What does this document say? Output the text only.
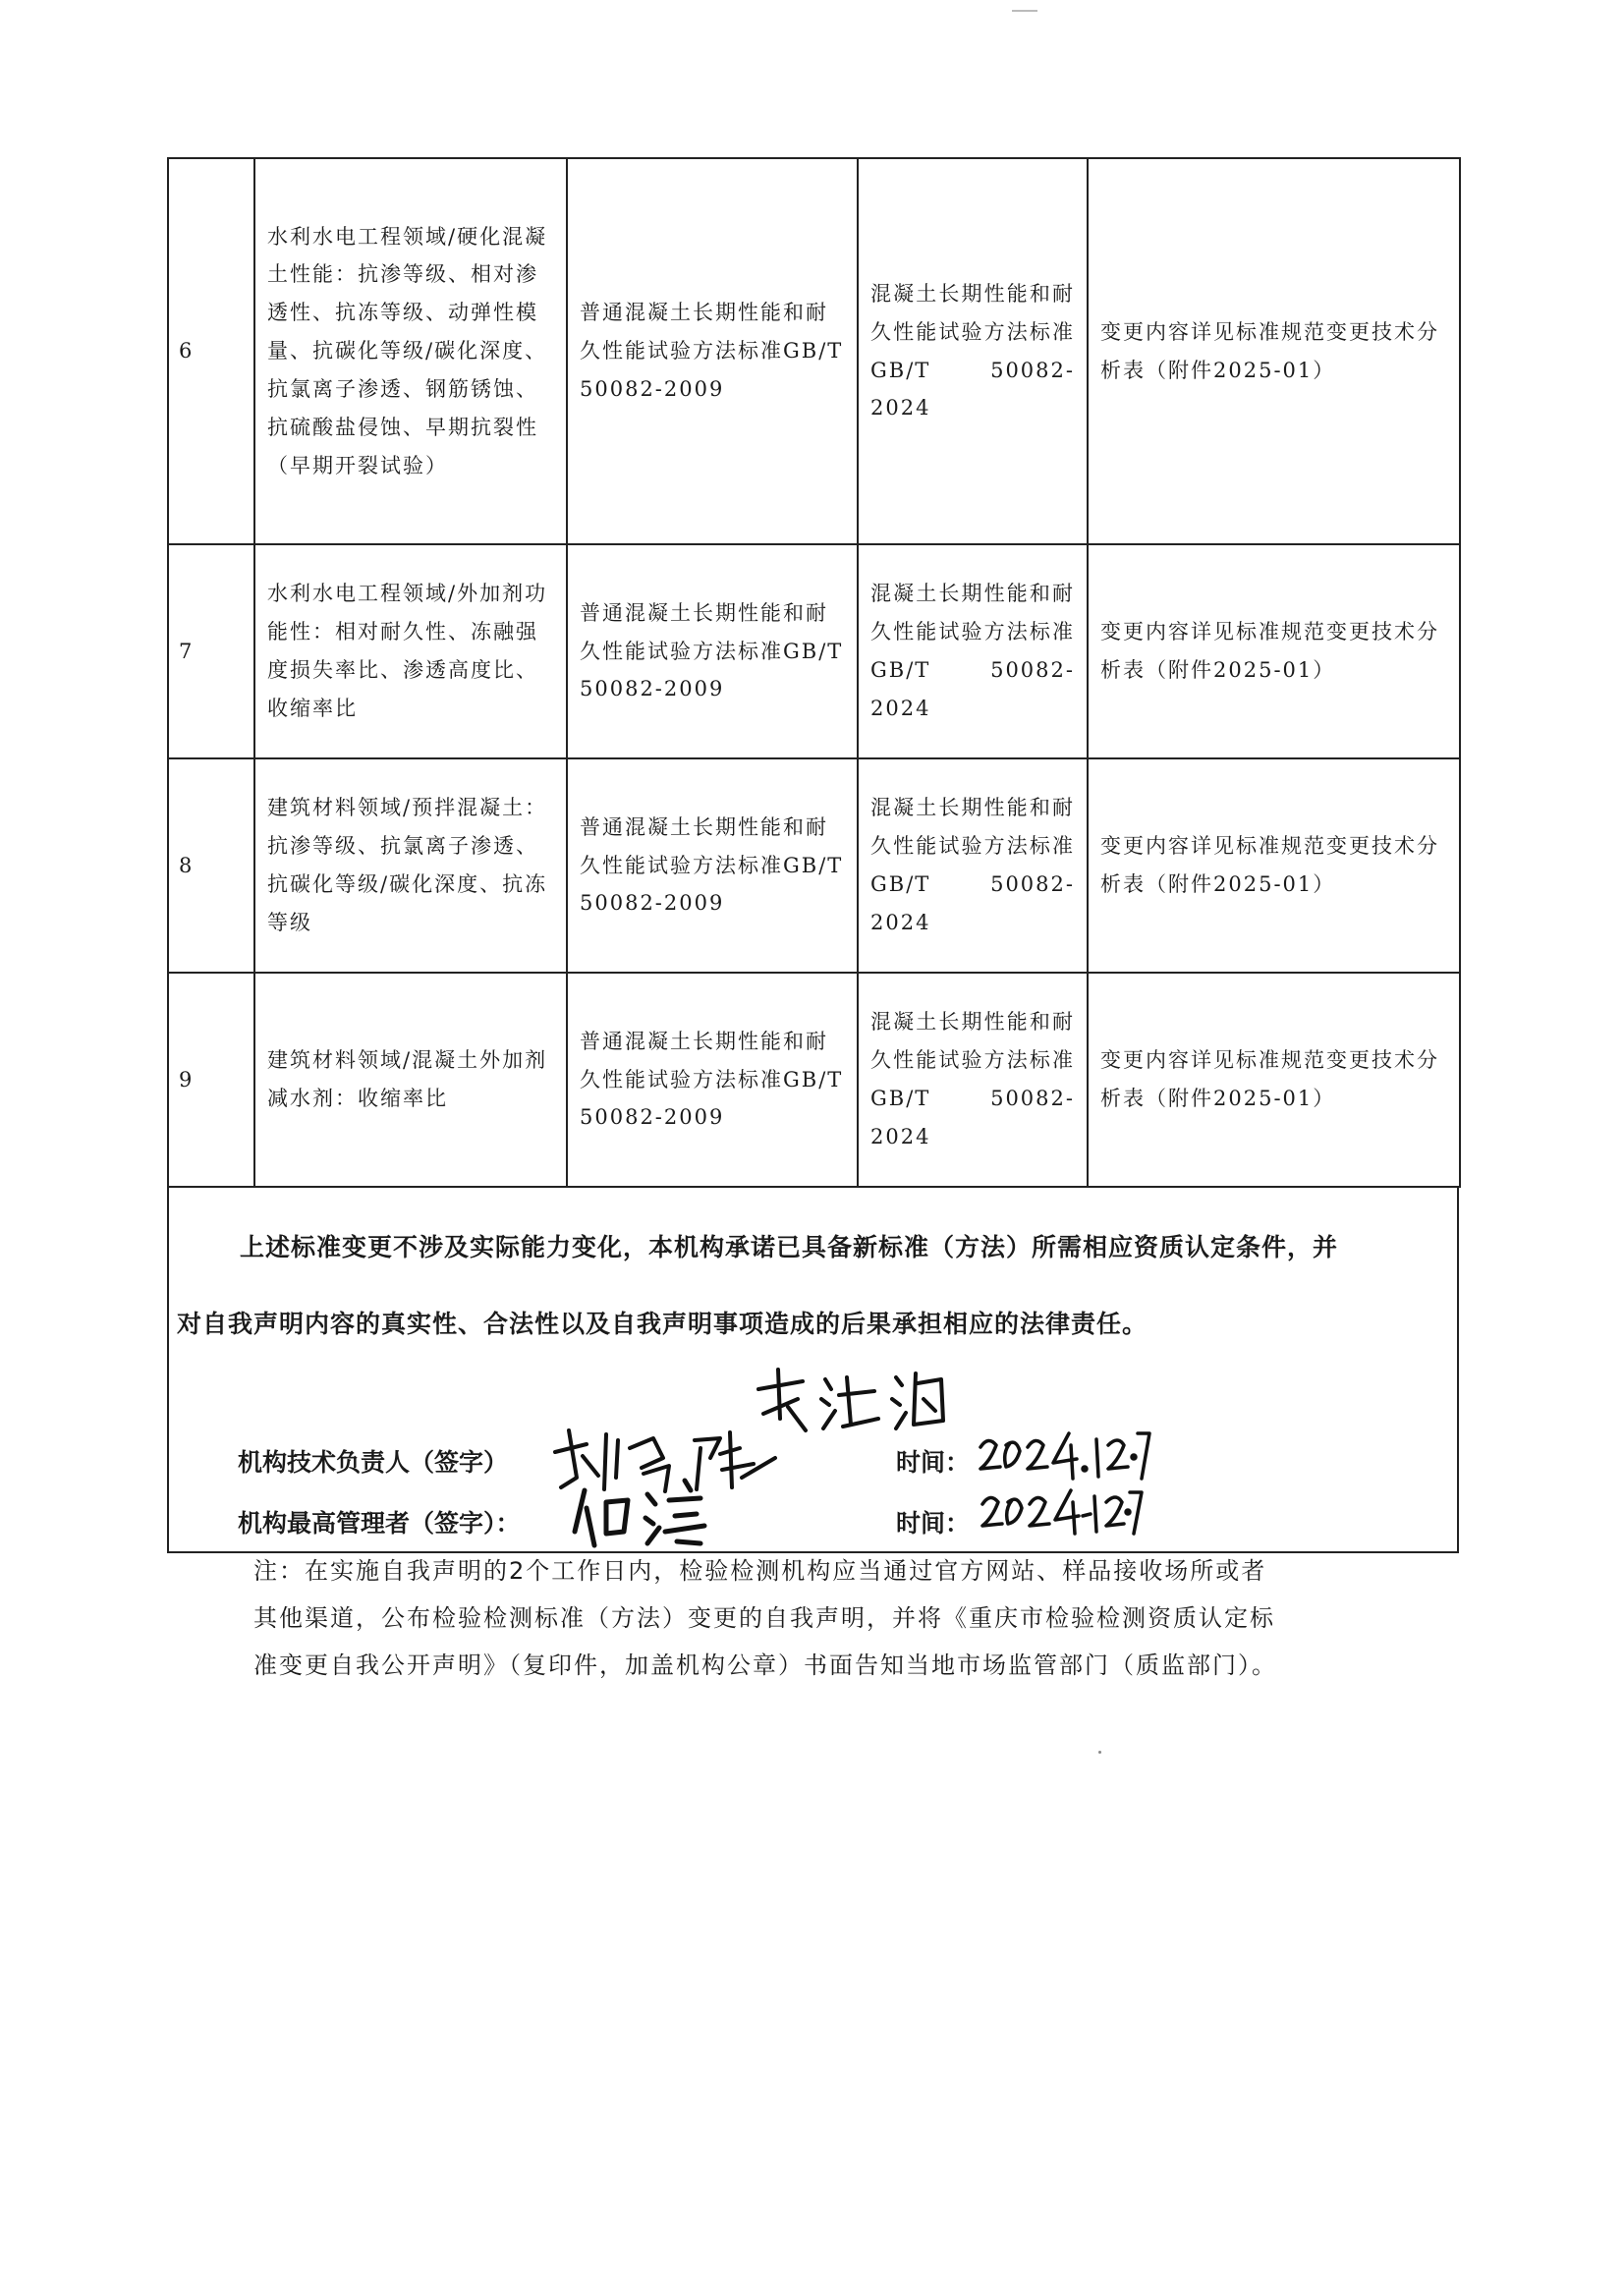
6	水利水电工程领域/硬化混凝土性能：抗渗等级、相对渗透性、抗冻等级、动弹性模量、抗碳化等级/碳化深度、抗氯离子渗透、钢筋锈蚀、抗硫酸盐侵蚀、早期抗裂性（早期开裂试验）	普通混凝土长期性能和耐久性能试验方法标准GB/T 50082-2009	混凝土长期性能和耐久性能试验方法标准 GB/T 50082-2024	变更内容详见标准规范变更技术分析表（附件2025-01）
7	水利水电工程领域/外加剂功能性：相对耐久性、冻融强度损失率比、渗透高度比、收缩率比	普通混凝土长期性能和耐久性能试验方法标准GB/T 50082-2009	混凝土长期性能和耐久性能试验方法标准 GB/T 50082-2024	变更内容详见标准规范变更技术分析表（附件2025-01）
8	建筑材料领域/预拌混凝土：抗渗等级、抗氯离子渗透、抗碳化等级/碳化深度、抗冻等级	普通混凝土长期性能和耐久性能试验方法标准GB/T 50082-2009	混凝土长期性能和耐久性能试验方法标准 GB/T 50082-2024	变更内容详见标准规范变更技术分析表（附件2025-01）
9	建筑材料领域/混凝土外加剂减水剂：收缩率比	普通混凝土长期性能和耐久性能试验方法标准GB/T 50082-2009	混凝土长期性能和耐久性能试验方法标准 GB/T 50082-2024	变更内容详见标准规范变更技术分析表（附件2025-01）
上述标准变更不涉及实际能力变化，本机构承诺已具备新标准（方法）所需相应资质认定条件，并
对自我声明内容的真实性、合法性以及自我声明事项造成的后果承担相应的法律责任。
机构技术负责人（签字）	时间：
机构最高管理者（签字）：	时间：
注：在实施自我声明的2个工作日内，检验检测机构应当通过官方网站、样品接收场所或者
其他渠道，公布检验检测标准（方法）变更的自我声明，并将《重庆市检验检测资质认定标
准变更自我公开声明》（复印件，加盖机构公章）书面告知当地市场监管部门（质监部门）。
